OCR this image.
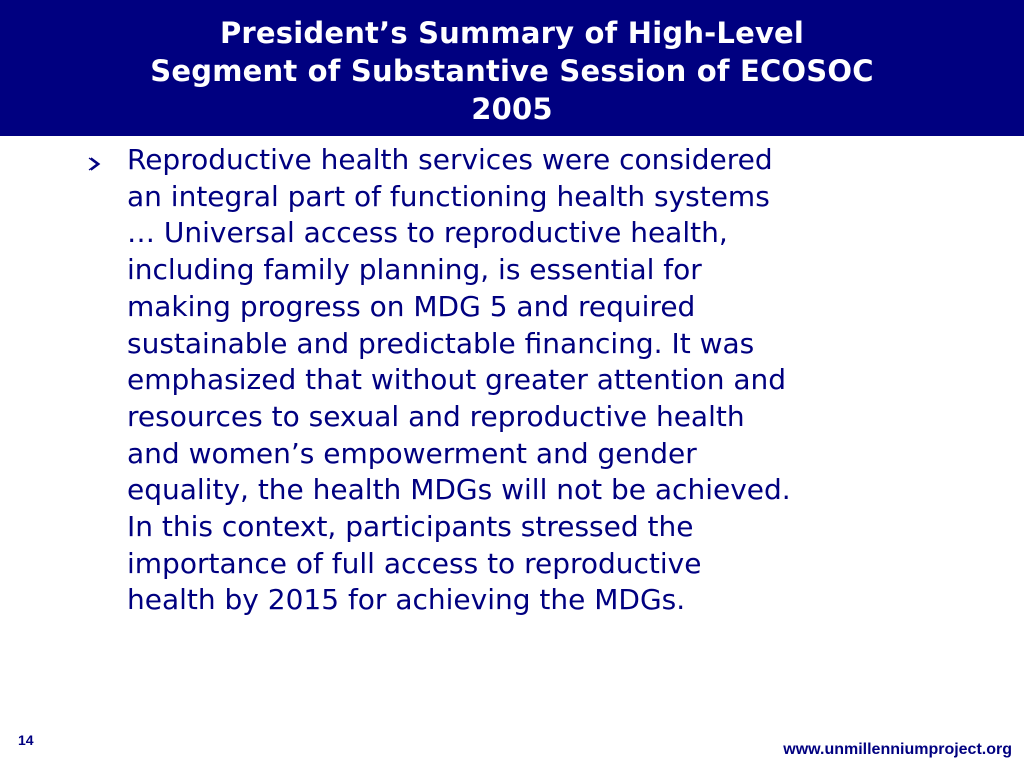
President’s Summary of High-Level
Segment of Substantive Session of ECOSOC
2005
Reproductive health services were considered
an integral part of functioning health systems
… Universal access to reproductive health,
including family planning, is essential for
making progress on MDG 5 and required
sustainable and predictable financing. It was
emphasized that without greater attention and
resources to sexual and reproductive health
and women’s empowerment and gender
equality, the health MDGs will not be achieved.
In this context, participants stressed the
importance of full access to reproductive
health by 2015 for achieving the MDGs.
14
www.unmillenniumproject.org
